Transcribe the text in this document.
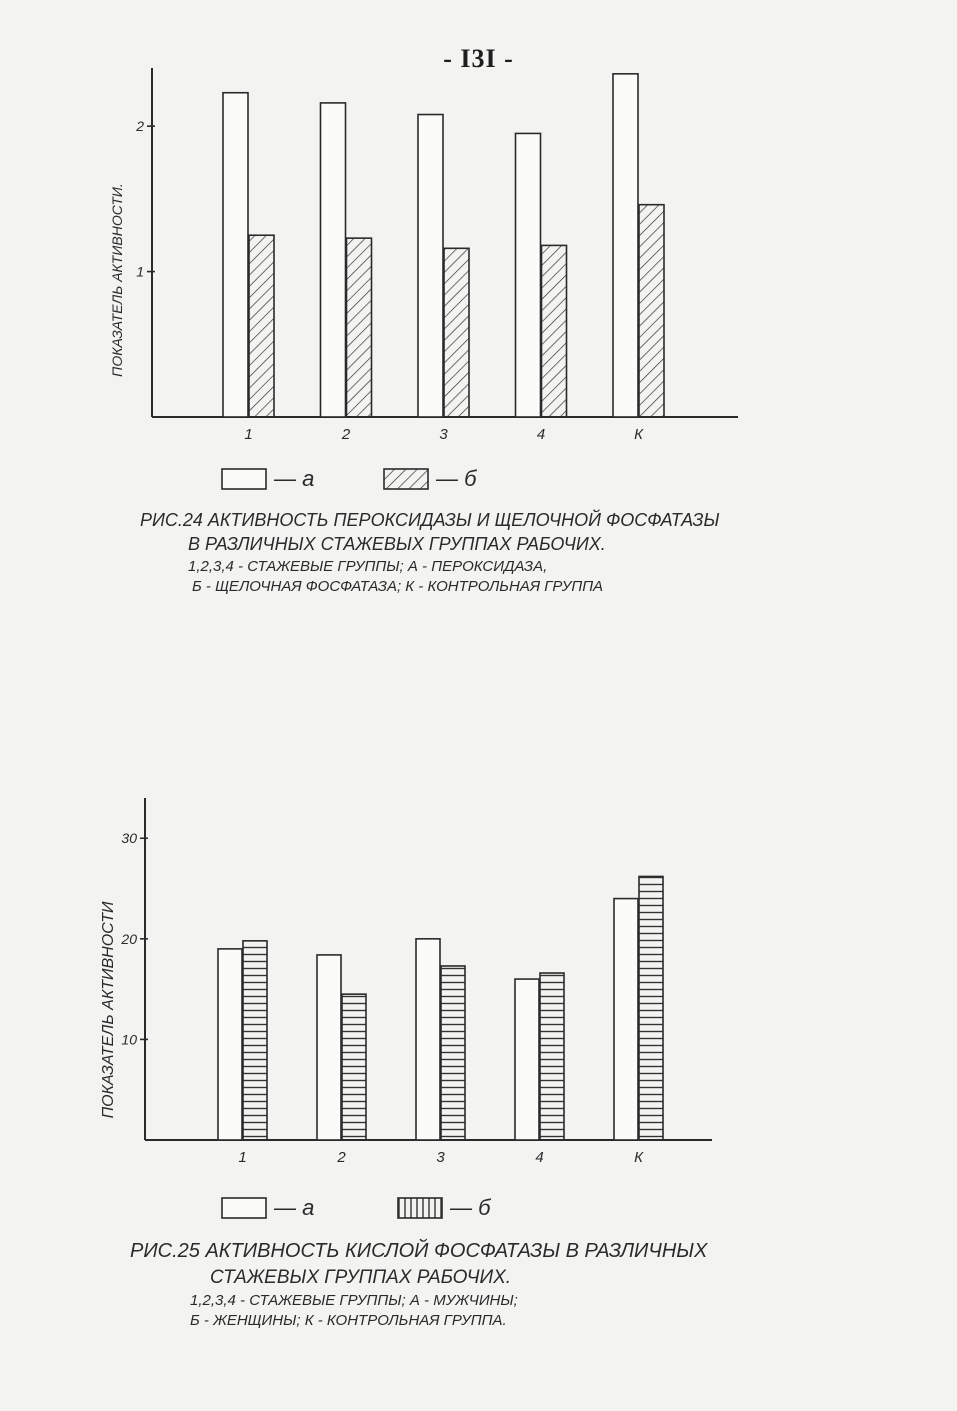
- I3I -
ПОКАЗАТЕЛЬ АКТИВНОСТИ. 1
2
1	2	3	4	К
— а	— б
РИС.24 АКТИВНОСТЬ ПЕРОКСИДАЗЫ И ЩЕЛОЧНОЙ ФОСФАТАЗЫ
В РАЗЛИЧНЫХ СТАЖЕВЫХ ГРУППАХ РАБОЧИХ.
1,2,3,4 - СТАЖЕВЫЕ ГРУППЫ; А - ПЕРОКСИДАЗА,
Б - ЩЕЛОЧНАЯ ФОСФАТАЗА; К - КОНТРОЛЬНАЯ ГРУППА
ПОКАЗАТЕЛЬ АКТИВНОСТИ 10
20
30
1	2	3	4	К
— а	— б
РИС.25 АКТИВНОСТЬ КИСЛОЙ ФОСФАТАЗЫ В РАЗЛИЧНЫХ
СТАЖЕВЫХ ГРУППАХ РАБОЧИХ.
1,2,3,4 - СТАЖЕВЫЕ ГРУППЫ; А - МУЖЧИНЫ;
Б - ЖЕНЩИНЫ; К - КОНТРОЛЬНАЯ ГРУППА.
